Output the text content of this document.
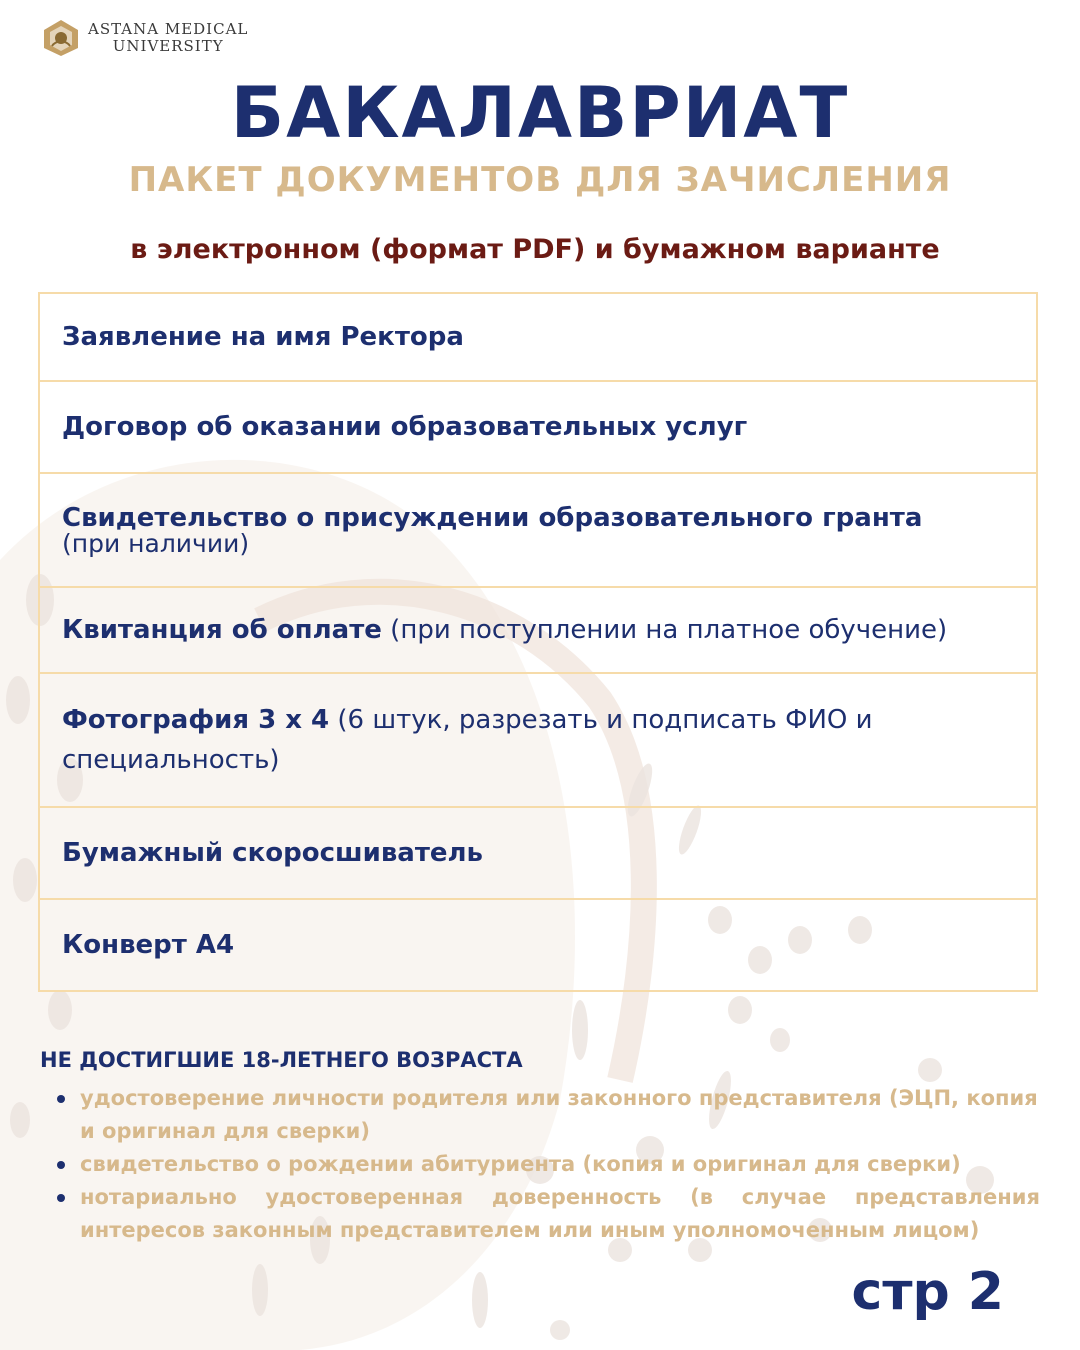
ASTANA MEDICAL
UNIVERSITY
БАКАЛАВРИАТ
ПАКЕТ ДОКУМЕНТОВ ДЛЯ ЗАЧИСЛЕНИЯ
в электронном (формат PDF) и бумажном варианте
Заявление на имя Ректора
Договор об оказании образовательных услуг
Свидетельство о присуждении образовательного гранта
(при наличии)
Квитанция об оплате (при поступлении на платное обучение)
Фотография 3 х 4 (6 штук, разрезать и подписать ФИО и специальность)
Бумажный скоросшиватель
Конверт А4
НЕ ДОСТИГШИЕ 18-ЛЕТНЕГО ВОЗРАСТА
удостоверение личности родителя или законного представителя (ЭЦП, копия и оригинал для сверки)
свидетельство о рождении абитуриента (копия и оригинал для сверки)
нотариально удостоверенная доверенность (в случае представления интересов законным представителем или иным уполномоченным лицом)
стр 2
